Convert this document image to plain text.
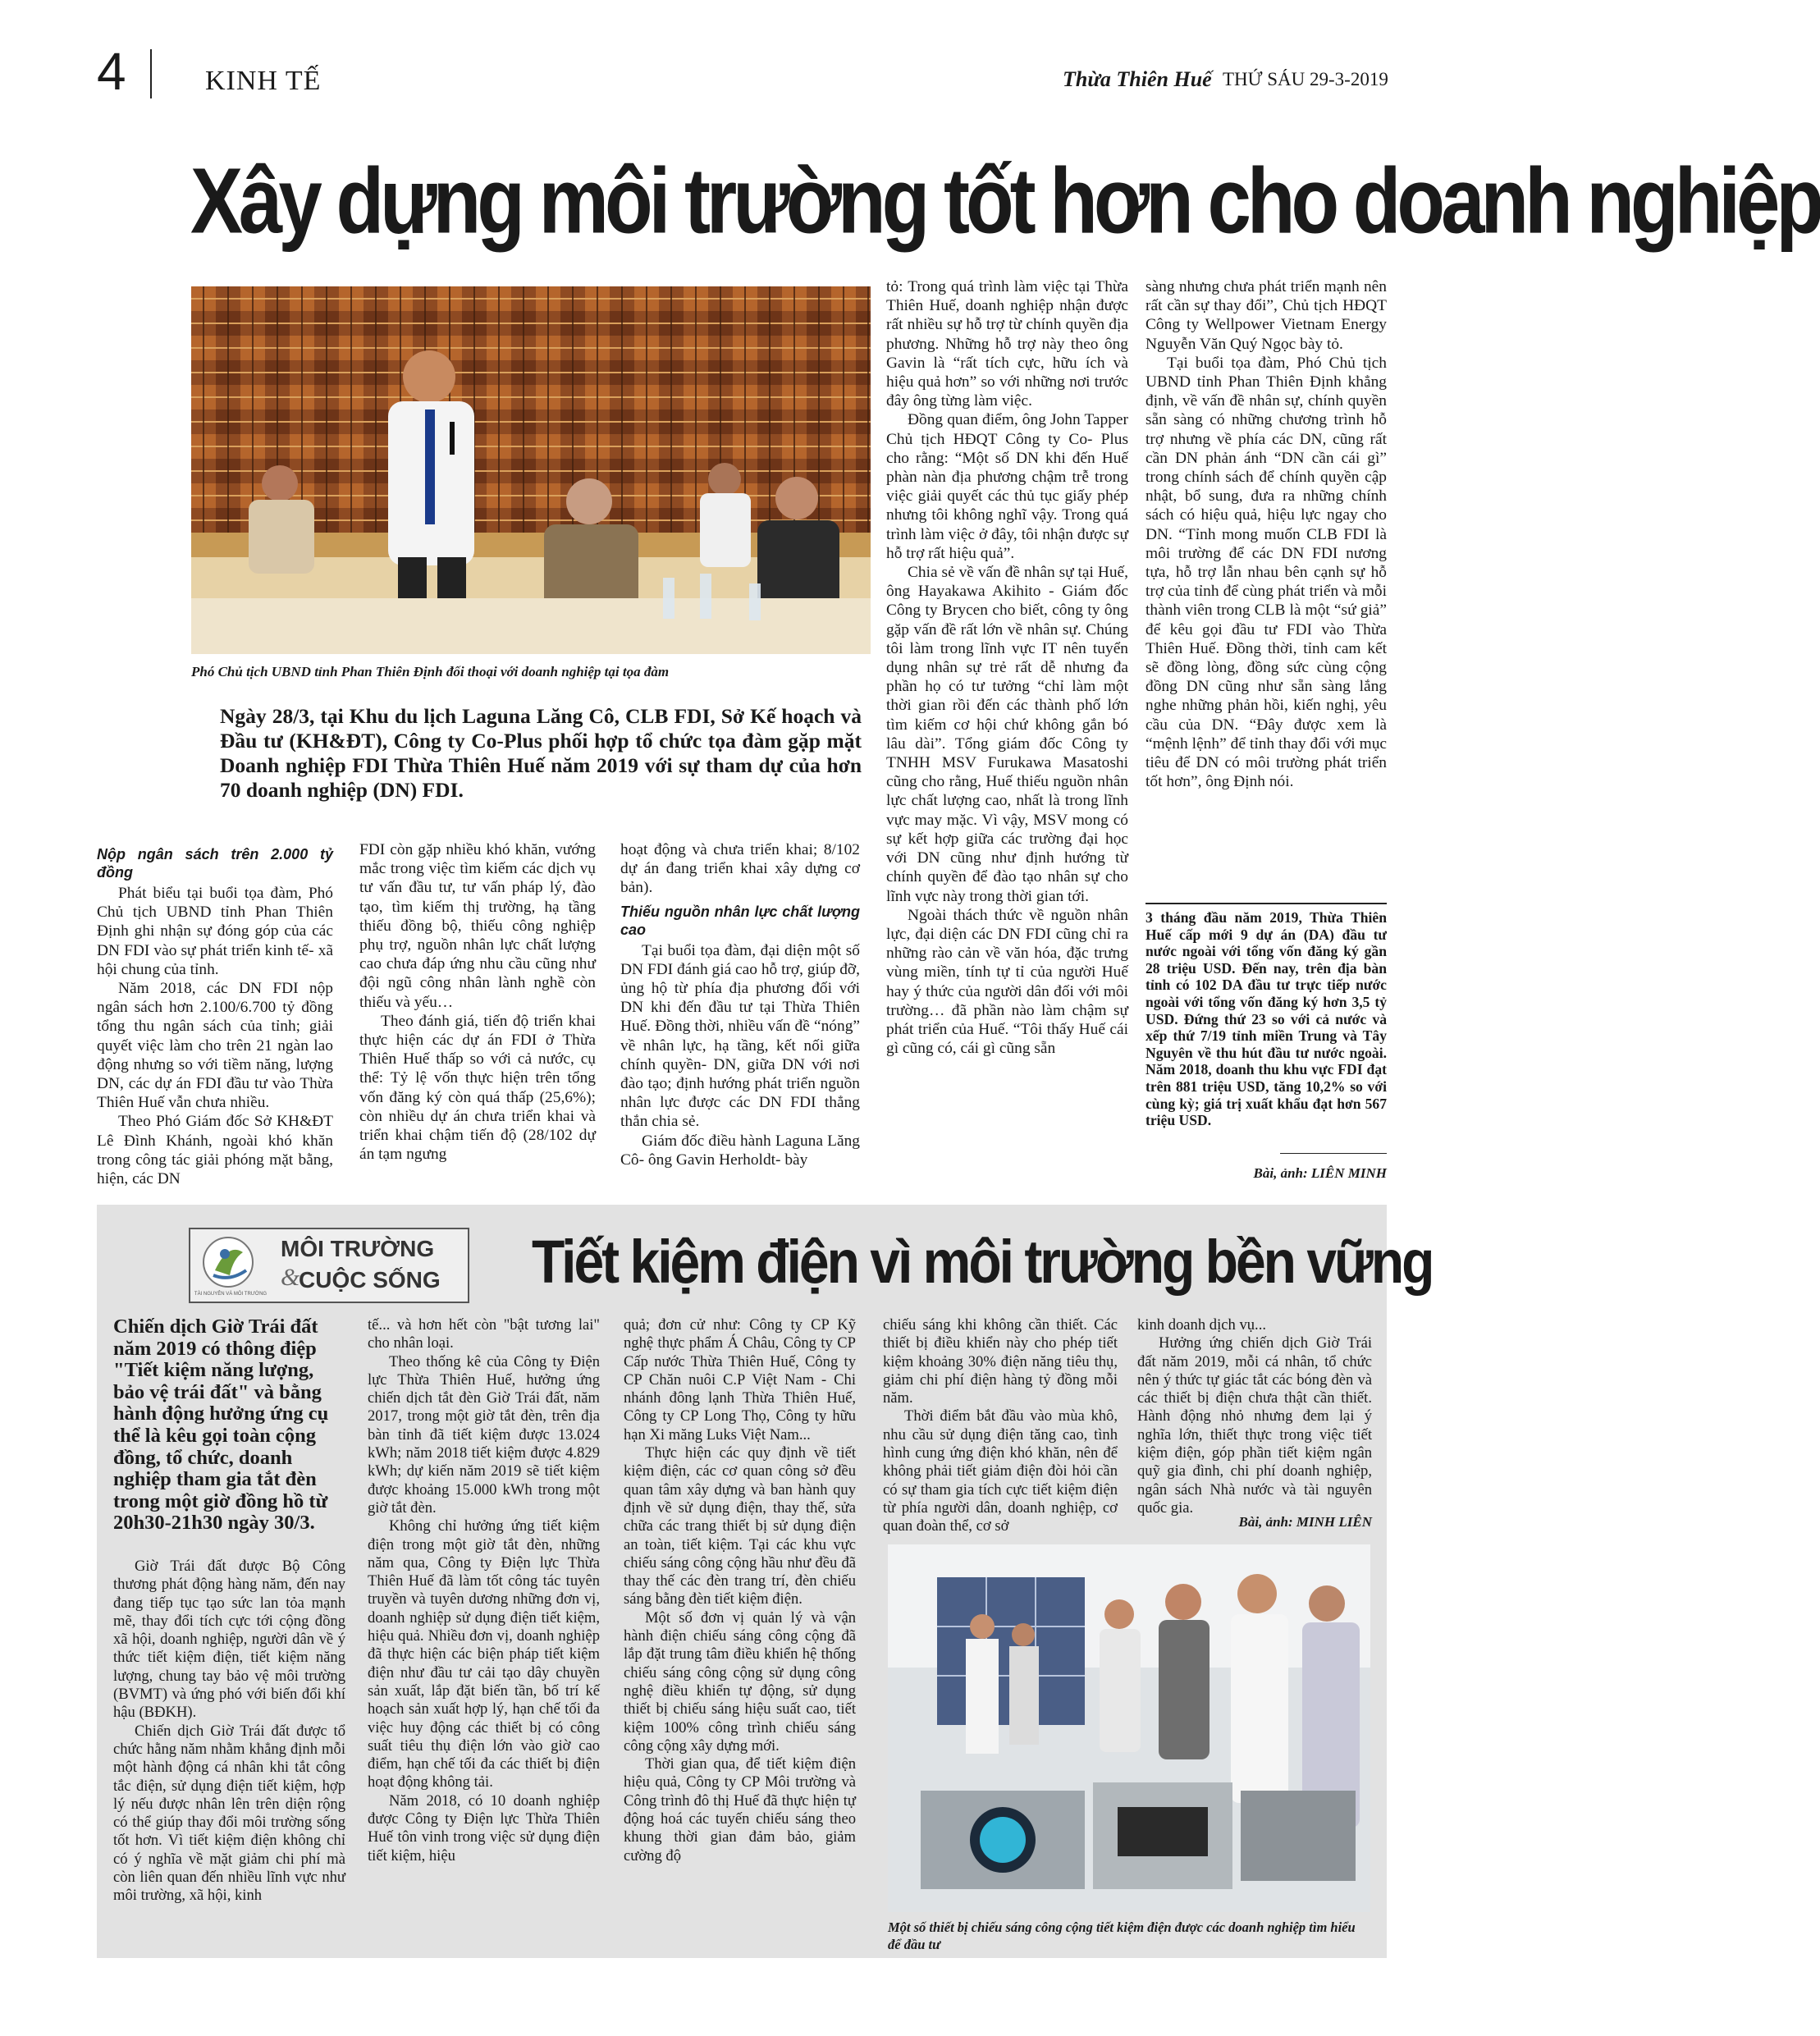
4	KINH TẾ	Thừa Thiên Huế THỨ SÁU 29-3-2019
Xây dựng môi trường tốt hơn cho doanh nghiệp
Phó Chủ tịch UBND tỉnh Phan Thiên Định đối thoại với doanh nghiệp tại tọa đàm
Ngày 28/3, tại Khu du lịch Laguna Lăng Cô, CLB FDI, Sở Kế hoạch và Đầu tư (KH&ĐT), Công ty Co-Plus phối hợp tổ chức tọa đàm gặp mặt Doanh nghiệp FDI Thừa Thiên Huế năm 2019 với sự tham dự của hơn 70 doanh nghiệp (DN) FDI.
Nộp ngân sách trên 2.000 tỷ đồng

Phát biểu tại buổi tọa đàm, Phó Chủ tịch UBND tỉnh Phan Thiên Định ghi nhận sự đóng góp của các DN FDI vào sự phát triển kinh tế- xã hội chung của tỉnh.

Năm 2018, các DN FDI nộp ngân sách hơn 2.100/6.700 tỷ đồng tổng thu ngân sách của tỉnh; giải quyết việc làm cho trên 21 ngàn lao động nhưng so với tiềm năng, lượng DN, các dự án FDI đầu tư vào Thừa Thiên Huế vẫn chưa nhiều.

Theo Phó Giám đốc Sở KH&ĐT Lê Đình Khánh, ngoài khó khăn trong công tác giải phóng mặt bằng, hiện, các DN

FDI còn gặp nhiều khó khăn, vướng mắc trong việc tìm kiếm các dịch vụ tư vấn đầu tư, tư vấn pháp lý, đào tạo, tìm kiếm thị trường, hạ tầng thiếu đồng bộ, thiếu công nghiệp phụ trợ, nguồn nhân lực chất lượng cao chưa đáp ứng nhu cầu cũng như đội ngũ công nhân lành nghề còn thiếu và yếu…

Theo đánh giá, tiến độ triển khai thực hiện các dự án FDI ở Thừa Thiên Huế thấp so với cả nước, cụ thể: Tỷ lệ vốn thực hiện trên tổng vốn đăng ký còn quá thấp (25,6%); còn nhiều dự án chưa triển khai và triển khai chậm tiến độ (28/102 dự án tạm ngưng

hoạt động và chưa triển khai; 8/102 dự án đang triển khai xây dựng cơ bản).

Thiếu nguồn nhân lực chất lượng cao

Tại buổi tọa đàm, đại diện một số DN FDI đánh giá cao hỗ trợ, giúp đỡ, ủng hộ từ phía địa phương đối với DN khi đến đầu tư tại Thừa Thiên Huế. Đồng thời, nhiều vấn đề “nóng” về nhân lực, hạ tầng, kết nối giữa chính quyền- DN, giữa DN với nơi đào tạo; định hướng phát triển nguồn nhân lực được các DN FDI thẳng thắn chia sẻ.

Giám đốc điều hành Laguna Lăng Cô- ông Gavin Herholdt- bày

tỏ: Trong quá trình làm việc tại Thừa Thiên Huế, doanh nghiệp nhận được rất nhiều sự hỗ trợ từ chính quyền địa phương. Những hỗ trợ này theo ông Gavin là “rất tích cực, hữu ích và hiệu quả hơn” so với những nơi trước đây ông từng làm việc.

Đồng quan điểm, ông John Tapper Chủ tịch HĐQT Công ty Co- Plus cho rằng: “Một số DN khi đến Huế phàn nàn địa phương chậm trễ trong việc giải quyết các thủ tục giấy phép nhưng tôi không nghĩ vậy. Trong quá trình làm việc ở đây, tôi nhận được sự hỗ trợ rất hiệu quả”.

Chia sẻ về vấn đề nhân sự tại Huế, ông Hayakawa Akihito - Giám đốc Công ty Brycen cho biết, công ty ông gặp vấn đề rất lớn về nhân sự. Chúng tôi làm trong lĩnh vực IT nên tuyển dụng nhân sự trẻ rất dễ nhưng đa phần họ có tư tưởng “chỉ làm một thời gian rồi đến các thành phố lớn tìm kiếm cơ hội chứ không gắn bó lâu dài”. Tổng giám đốc Công ty TNHH MSV Furukawa Masatoshi cũng cho rằng, Huế thiếu nguồn nhân lực chất lượng cao, nhất là trong lĩnh vực may mặc. Vì vậy, MSV mong có sự kết hợp giữa các trường đại học với DN cũng như định hướng từ chính quyền để đào tạo nhân sự cho lĩnh vực này trong thời gian tới.

Ngoài thách thức về nguồn nhân lực, đại diện các DN FDI cũng chỉ ra những rào cản về văn hóa, đặc trưng vùng miền, tính tự tỉ của người Huế hay ý thức của người dân đối với môi trường… đã phần nào làm chậm sự phát triển của Huế. “Tôi thấy Huế cái gì cũng có, cái gì cũng sẵn

sàng nhưng chưa phát triển mạnh nên rất cần sự thay đổi”, Chủ tịch HĐQT Công ty Wellpower Vietnam Energy Nguyễn Văn Quý Ngọc bày tỏ.

Tại buổi tọa đàm, Phó Chủ tịch UBND tỉnh Phan Thiên Định khẳng định, về vấn đề nhân sự, chính quyền sẵn sàng có những chương trình hỗ trợ nhưng về phía các DN, cũng rất cần DN phản ánh “DN cần cái gì” trong chính sách để chính quyền cập nhật, bổ sung, đưa ra những chính sách có hiệu quả, hiệu lực ngay cho DN. “Tỉnh mong muốn CLB FDI là môi trường để các DN FDI nương tựa, hỗ trợ lẫn nhau bên cạnh sự hỗ trợ của tỉnh để cùng phát triển và mỗi thành viên trong CLB là một “sứ giả” để kêu gọi đầu tư FDI vào Thừa Thiên Huế. Đồng thời, tỉnh cam kết sẽ đồng lòng, đồng sức cùng cộng đồng DN cũng như sẵn sàng lắng nghe những phản hồi, kiến nghị, yêu cầu của DN. “Đây được xem là “mệnh lệnh” để tỉnh thay đổi với mục tiêu để DN có môi trường phát triển tốt hơn”, ông Định nói.

3 tháng đầu năm 2019, Thừa Thiên Huế cấp mới 9 dự án (DA) đầu tư nước ngoài với tổng vốn đăng ký gần 28 triệu USD. Đến nay, trên địa bàn tỉnh có 102 DA đầu tư trực tiếp nước ngoài với tổng vốn đăng ký hơn 3,5 tỷ USD. Đứng thứ 23 so với cả nước và xếp thứ 7/19 tỉnh miền Trung và Tây Nguyên về thu hút đầu tư nước ngoài. Năm 2018, doanh thu khu vực FDI đạt trên 881 triệu USD, tăng 10,2% so với cùng kỳ; giá trị xuất khẩu đạt hơn 567 triệu USD.
Bài, ảnh: LIÊN MINH
TÀI NGUYÊN VÀ MÔI TRƯỜNG
MÔI TRƯỜNG
&
CUỘC SỐNG Tiết kiệm điện vì môi trường bền vững
Chiến dịch Giờ Trái đất năm 2019 có thông điệp "Tiết kiệm năng lượng, bảo vệ trái đất" và bằng hành động hưởng ứng cụ thể là kêu gọi toàn cộng đồng, tổ chức, doanh nghiệp tham gia tắt đèn trong một giờ đồng hồ từ 20h30-21h30 ngày 30/3.

Giờ Trái đất được Bộ Công thương phát động hàng năm, đến nay đang tiếp tục tạo sức lan tỏa mạnh mẽ, thay đổi tích cực tới cộng đồng xã hội, doanh nghiệp, người dân về ý thức tiết kiệm điện, tiết kiệm năng lượng, chung tay bảo vệ môi trường (BVMT) và ứng phó với biến đổi khí hậu (BĐKH).

Chiến dịch Giờ Trái đất được tổ chức hằng năm nhằm khẳng định mỗi một hành động cá nhân khi tắt công tắc điện, sử dụng điện tiết kiệm, hợp lý nếu được nhân lên trên diện rộng có thể giúp thay đổi môi trường sống tốt hơn. Vì tiết kiệm điện không chỉ có ý nghĩa về mặt giảm chi phí mà còn liên quan đến nhiều lĩnh vực như môi trường, xã hội, kinh

tế... và hơn hết còn "bật tương lai" cho nhân loại.

Theo thống kê của Công ty Điện lực Thừa Thiên Huế, hưởng ứng chiến dịch tắt đèn Giờ Trái đất, năm 2017, trong một giờ tắt đèn, trên địa bàn tỉnh đã tiết kiệm được 13.024 kWh; năm 2018 tiết kiệm được 4.829 kWh; dự kiến năm 2019 sẽ tiết kiệm được khoảng 15.000 kWh trong một giờ tắt đèn.

Không chỉ hưởng ứng tiết kiệm điện trong một giờ tắt đèn, những năm qua, Công ty Điện lực Thừa Thiên Huế đã làm tốt công tác tuyên truyền và tuyên dương những đơn vị, doanh nghiệp sử dụng điện tiết kiệm, hiệu quả. Nhiều đơn vị, doanh nghiệp đã thực hiện các biện pháp tiết kiệm điện như đầu tư cải tạo dây chuyền sản xuất, lắp đặt biến tần, bố trí kế hoạch sản xuất hợp lý, hạn chế tối đa việc huy động các thiết bị có công suất tiêu thụ điện lớn vào giờ cao điểm, hạn chế tối đa các thiết bị điện hoạt động không tải.

Năm 2018, có 10 doanh nghiệp được Công ty Điện lực Thừa Thiên Huế tôn vinh trong việc sử dụng điện tiết kiệm, hiệu

quả; đơn cử như: Công ty CP Kỹ nghệ thực phẩm Á Châu, Công ty CP Cấp nước Thừa Thiên Huế, Công ty CP Chăn nuôi C.P Việt Nam - Chi nhánh đông lạnh Thừa Thiên Huế, Công ty CP Long Thọ, Công ty hữu hạn Xi măng Luks Việt Nam...

Thực hiện các quy định về tiết kiệm điện, các cơ quan công sở đều quan tâm xây dựng và ban hành quy định về sử dụng điện, thay thế, sửa chữa các trang thiết bị sử dụng điện an toàn, tiết kiệm. Tại các khu vực chiếu sáng công cộng hầu như đều đã thay thế các đèn trang trí, đèn chiếu sáng bằng đèn tiết kiệm điện.

Một số đơn vị quản lý và vận hành điện chiếu sáng công cộng đã lắp đặt trung tâm điều khiển hệ thống chiếu sáng công cộng sử dụng công nghệ điều khiển tự động, sử dụng thiết bị chiếu sáng hiệu suất cao, tiết kiệm 100% công trình chiếu sáng công cộng xây dựng mới.

Thời gian qua, để tiết kiệm điện hiệu quả, Công ty CP Môi trường và Công trình đô thị Huế đã thực hiện tự động hoá các tuyến chiếu sáng theo khung thời gian đảm bảo, giảm cường độ

chiếu sáng khi không cần thiết. Các thiết bị điều khiển này cho phép tiết kiệm khoảng 30% điện năng tiêu thụ, giảm chi phí điện hàng tỷ đồng mỗi năm.

Thời điểm bắt đầu vào mùa khô, nhu cầu sử dụng điện tăng cao, tình hình cung ứng điện khó khăn, nên để không phải tiết giảm điện đòi hỏi cần có sự tham gia tích cực tiết kiệm điện từ phía người dân, doanh nghiệp, cơ quan đoàn thể, cơ sở

kinh doanh dịch vụ...

Hưởng ứng chiến dịch Giờ Trái đất năm 2019, mỗi cá nhân, tổ chức nên ý thức tự giác tắt các bóng đèn và các thiết bị điện chưa thật cần thiết. Hành động nhỏ nhưng đem lại ý nghĩa lớn, thiết thực trong việc tiết kiệm điện, góp phần tiết kiệm ngân quỹ gia đình, chi phí doanh nghiệp, ngân sách Nhà nước và tài nguyên quốc gia.

Bài, ảnh: MINH LIÊN
Một số thiết bị chiếu sáng công cộng tiết kiệm điện được các doanh nghiệp tìm hiểu để đầu tư
